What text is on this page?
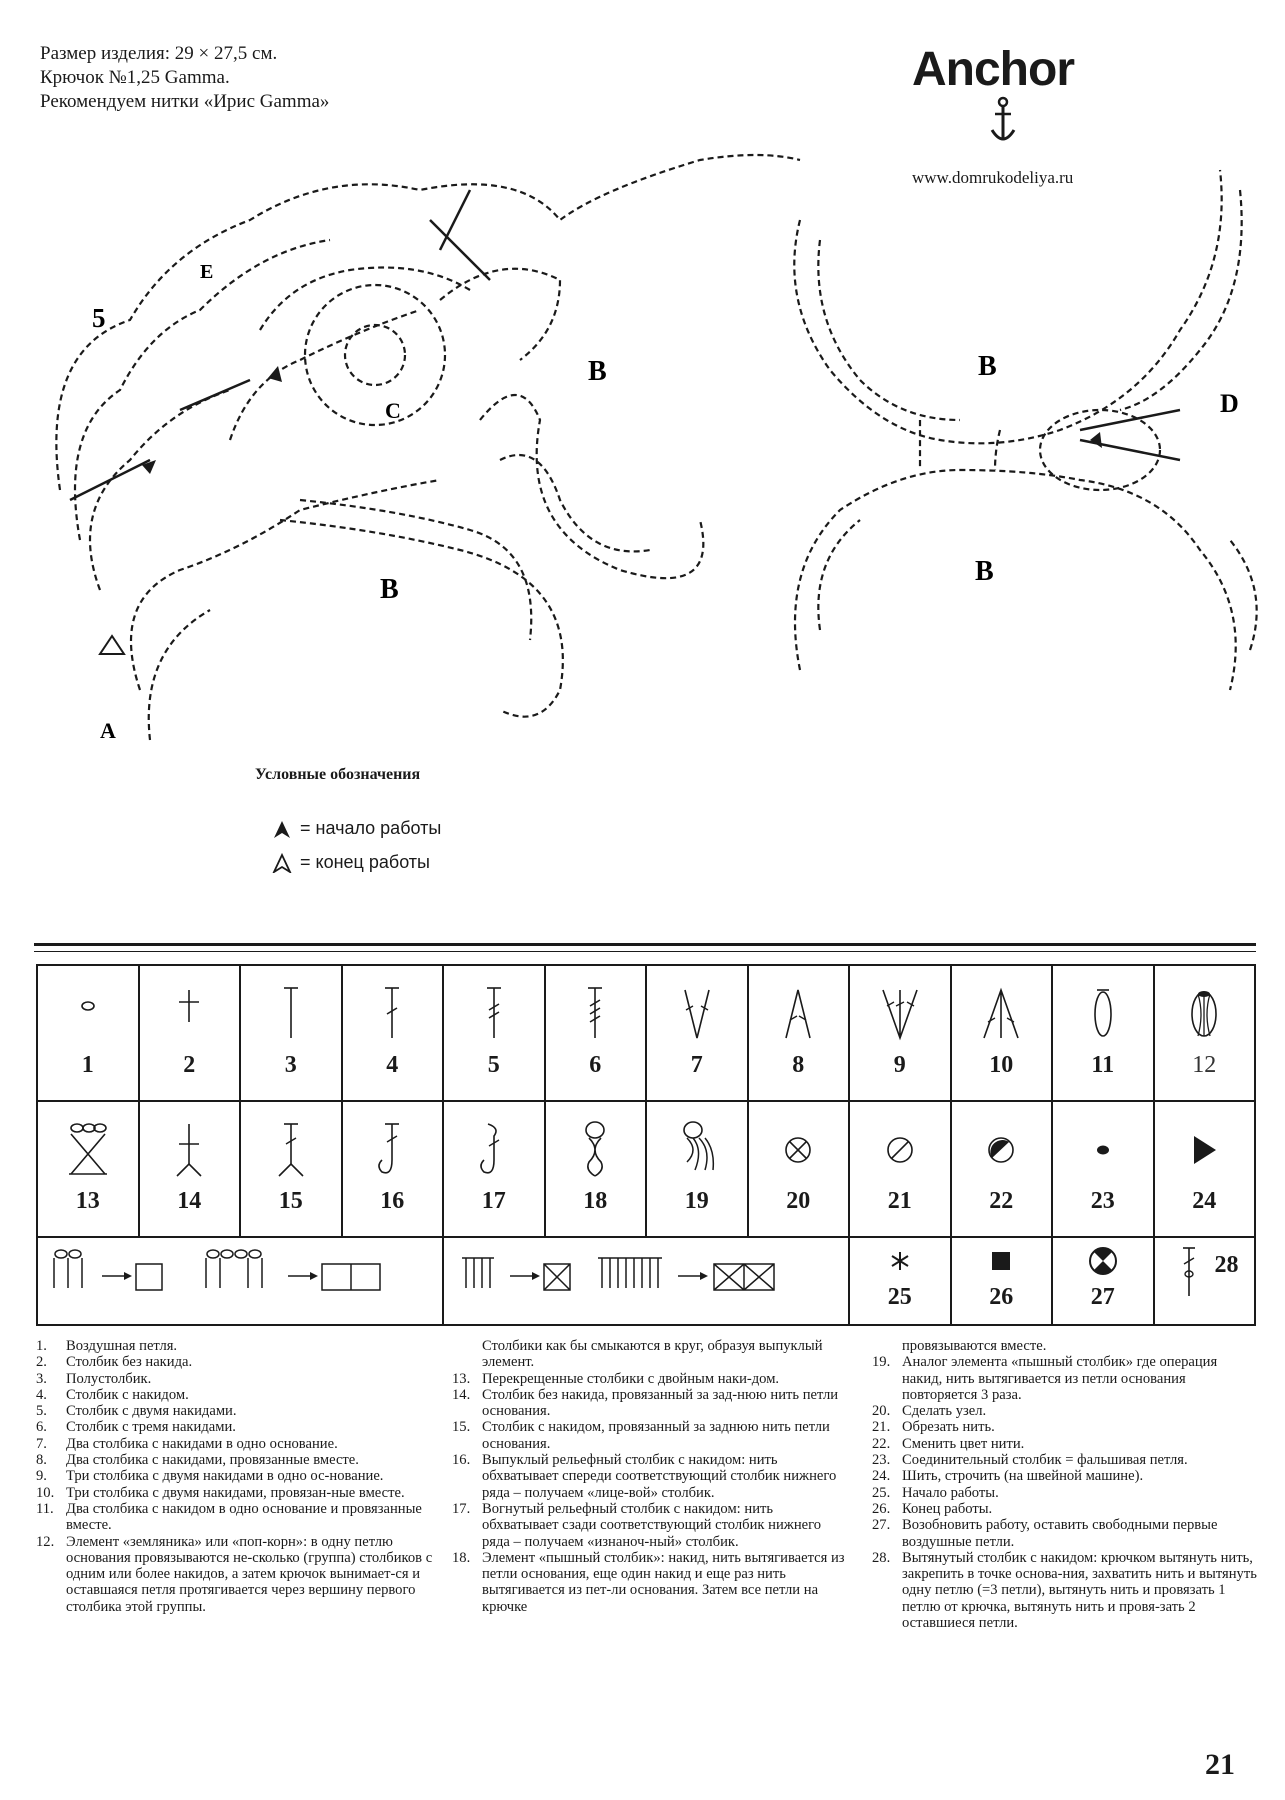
Размер изделия: 29 × 27,5 см.
Крючок №1,25 Gamma.
Рекомендуем нитки «Ирис Gamma»
Anchor
www.domrukodeliya.ru
5
E
C
B
B
A
B
B
D
Условные обозначения
= начало работы
= конец работы
1	2	3	4	5	6	7	8	9	10	11	12

13	14	15	16	17	18	19	20	21	22	23	24

25	26	27	28
1. Воздушная петля.
2. Столбик без накида.
3. Полустолбик.
4. Столбик с накидом.
5. Столбик с двумя накидами.
6. Столбик с тремя накидами.
7. Два столбика с накидами в одно основание.
8. Два столбика с накидами, провязанные вместе.
9. Три столбика с двумя накидами в одно ос-нование.
10. Три столбика с двумя накидами, провязан-ные вместе.
11. Два столбика с накидом в одно основание и провязанные вместе.
12. Элемент «земляника» или «поп-корн»: в одну петлю основания провязываются не-сколько (группа) столбиков с одним или более накидов, а затем крючок вынимает-ся и оставшаяся петля протягивается через вершину первого столбика этой группы.
Столбики как бы смыкаются в круг, образуя выпуклый элемент.
13. Перекрещенные столбики с двойным наки-дом.
14. Столбик без накида, провязанный за зад-нюю нить петли основания.
15. Столбик с накидом, провязанный за заднюю нить петли основания.
16. Выпуклый рельефный столбик с накидом: нить обхватывает спереди соответствующий столбик нижнего ряда – получаем «лице-вой» столбик.
17. Вогнутый рельефный столбик с накидом: нить обхватывает сзади соответствующий столбик нижнего ряда – получаем «изнаноч-ный» столбик.
18. Элемент «пышный столбик»: накид, нить вытягивается из петли основания, еще один накид и еще раз нить вытягивается из пет-ли основания. Затем все петли на крючке
провязываются вместе.
19. Аналог элемента «пышный столбик» где операция накид, нить вытягивается из петли основания повторяется 3 раза.
20. Сделать узел.
21. Обрезать нить.
22. Сменить цвет нити.
23. Соединительный столбик = фальшивая петля.
24. Шить, строчить (на швейной машине).
25. Начало работы.
26. Конец работы.
27. Возобновить работу, оставить свободными первые воздушные петли.
28. Вытянутый столбик с накидом: крючком вытянуть нить, закрепить в точке основа-ния, захватить нить и вытянуть одну петлю (=3 петли), вытянуть нить и провязать 1 петлю от крючка, вытянуть нить и провя-зать 2 оставшиеся петли.
21
